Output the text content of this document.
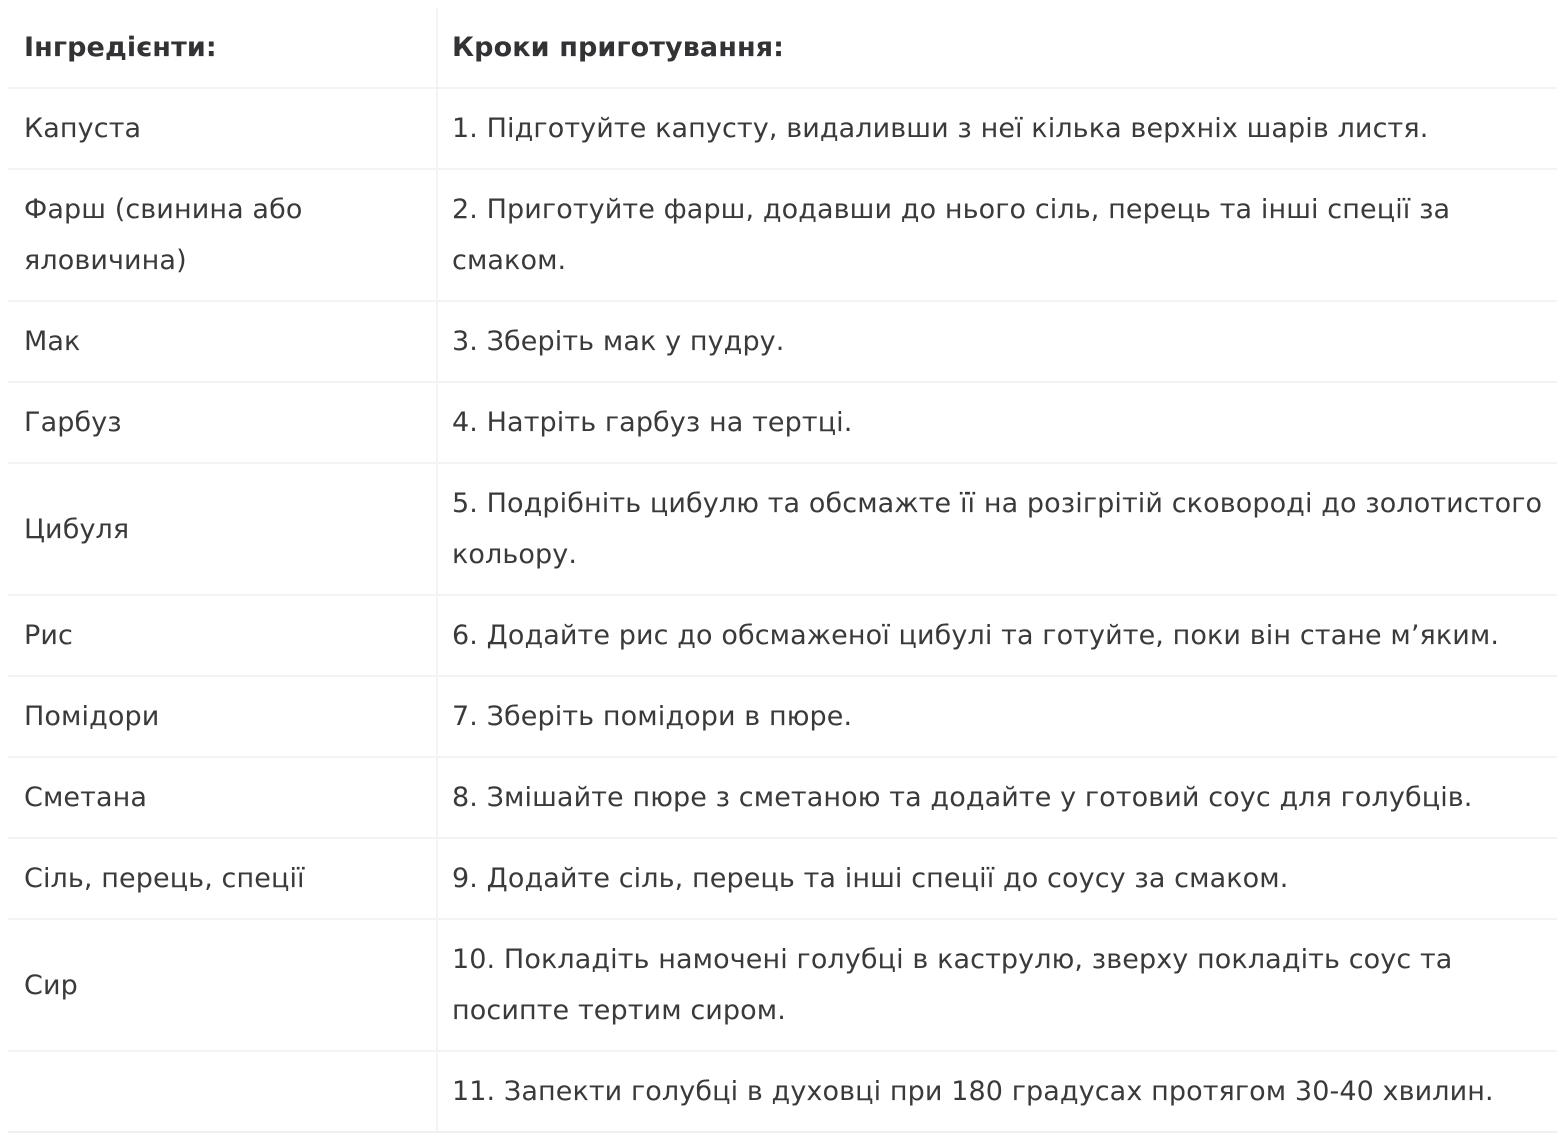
Інгредієнти:	Кроки приготування:
Капуста	1. Підготуйте капусту, видаливши з неї кілька верхніх шарів листя.
Фарш (свинина або яловичина)	2. Приготуйте фарш, додавши до нього сіль, перець та інші спеції за смаком.
Мак	3. Зберіть мак у пудру.
Гарбуз	4. Натріть гарбуз на тертці.
Цибуля	5. Подрібніть цибулю та обсмажте її на розігрітій сковороді до золотистого кольору.
Рис	6. Додайте рис до обсмаженої цибулі та готуйте, поки він стане м’яким.
Помідори	7. Зберіть помідори в пюре.
Сметана	8. Змішайте пюре з сметаною та додайте у готовий соус для голубців.
Сіль, перець, спеції	9. Додайте сіль, перець та інші спеції до соусу за смаком.
Сир	10. Покладіть намочені голубці в каструлю, зверху покладіть соус та посипте тертим сиром.
	11. Запекти голубці в духовці при 180 градусах протягом 30-40 хвилин.
